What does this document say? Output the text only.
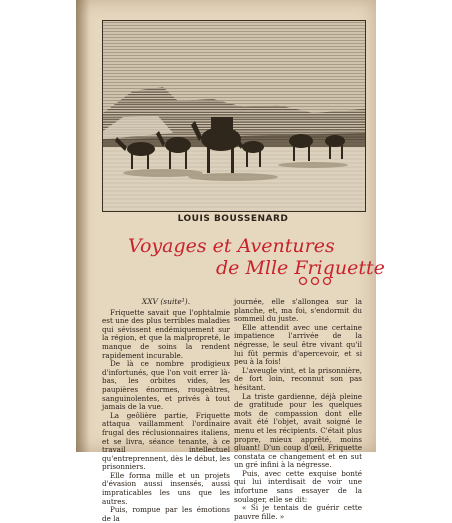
LOUIS BOUSSENARD
Voyages et Aventures
de Mlle Friquette

XXV (suite¹).

Friquette savait que l'ophtalmie est une des plus terribles maladies qui sévissent endémiquement sur la région, et que la malpropreté, le manque de soins la rendent rapidement incurable.

De là ce nombre prodigieux d'infortunés, que l'on voit errer là-bas, les orbites vides, les paupières énormes, rougeâtres, sanguinolentes, et privés à tout jamais de la vue.

La geôlière partie, Friquette attaqua vaillamment l'ordinaire frugal des réclusionnaires italiens, et se livra, séance tenante, à ce travail intellectuel qu'entreprennent, dès le début, les prisonniers.

Elle forma mille et un projets d'évasion aussi insensés, aussi impraticables les uns que les autres.

Puis, rompue par les émotions de la

journée, elle s'allongea sur la planche, et, ma foi, s'endormit du sommeil du juste.

Elle attendit avec une certaine impatience l'arrivée de la négresse, le seul être vivant qu'il lui fût permis d'apercevoir, et si peu à la fois!

L'aveugle vint, et la prisonnière, de fort loin, reconnut son pas hésitant.

La triste gardienne, déjà pleine de gratitude pour les quelques mots de compassion dont elle avait été l'objet, avait soigné le menu et les récipients. C'était plus propre, mieux apprêté, moins gluant! D'un coup d'œil, Friquette constata ce changement et en sut un gré infini à la négresse.

Puis, avec cette exquise bonté qui lui interdisait de voir une infortune sans essayer de la soulager, elle se dit:

« Si je tentais de guérir cette pauvre fille. »
